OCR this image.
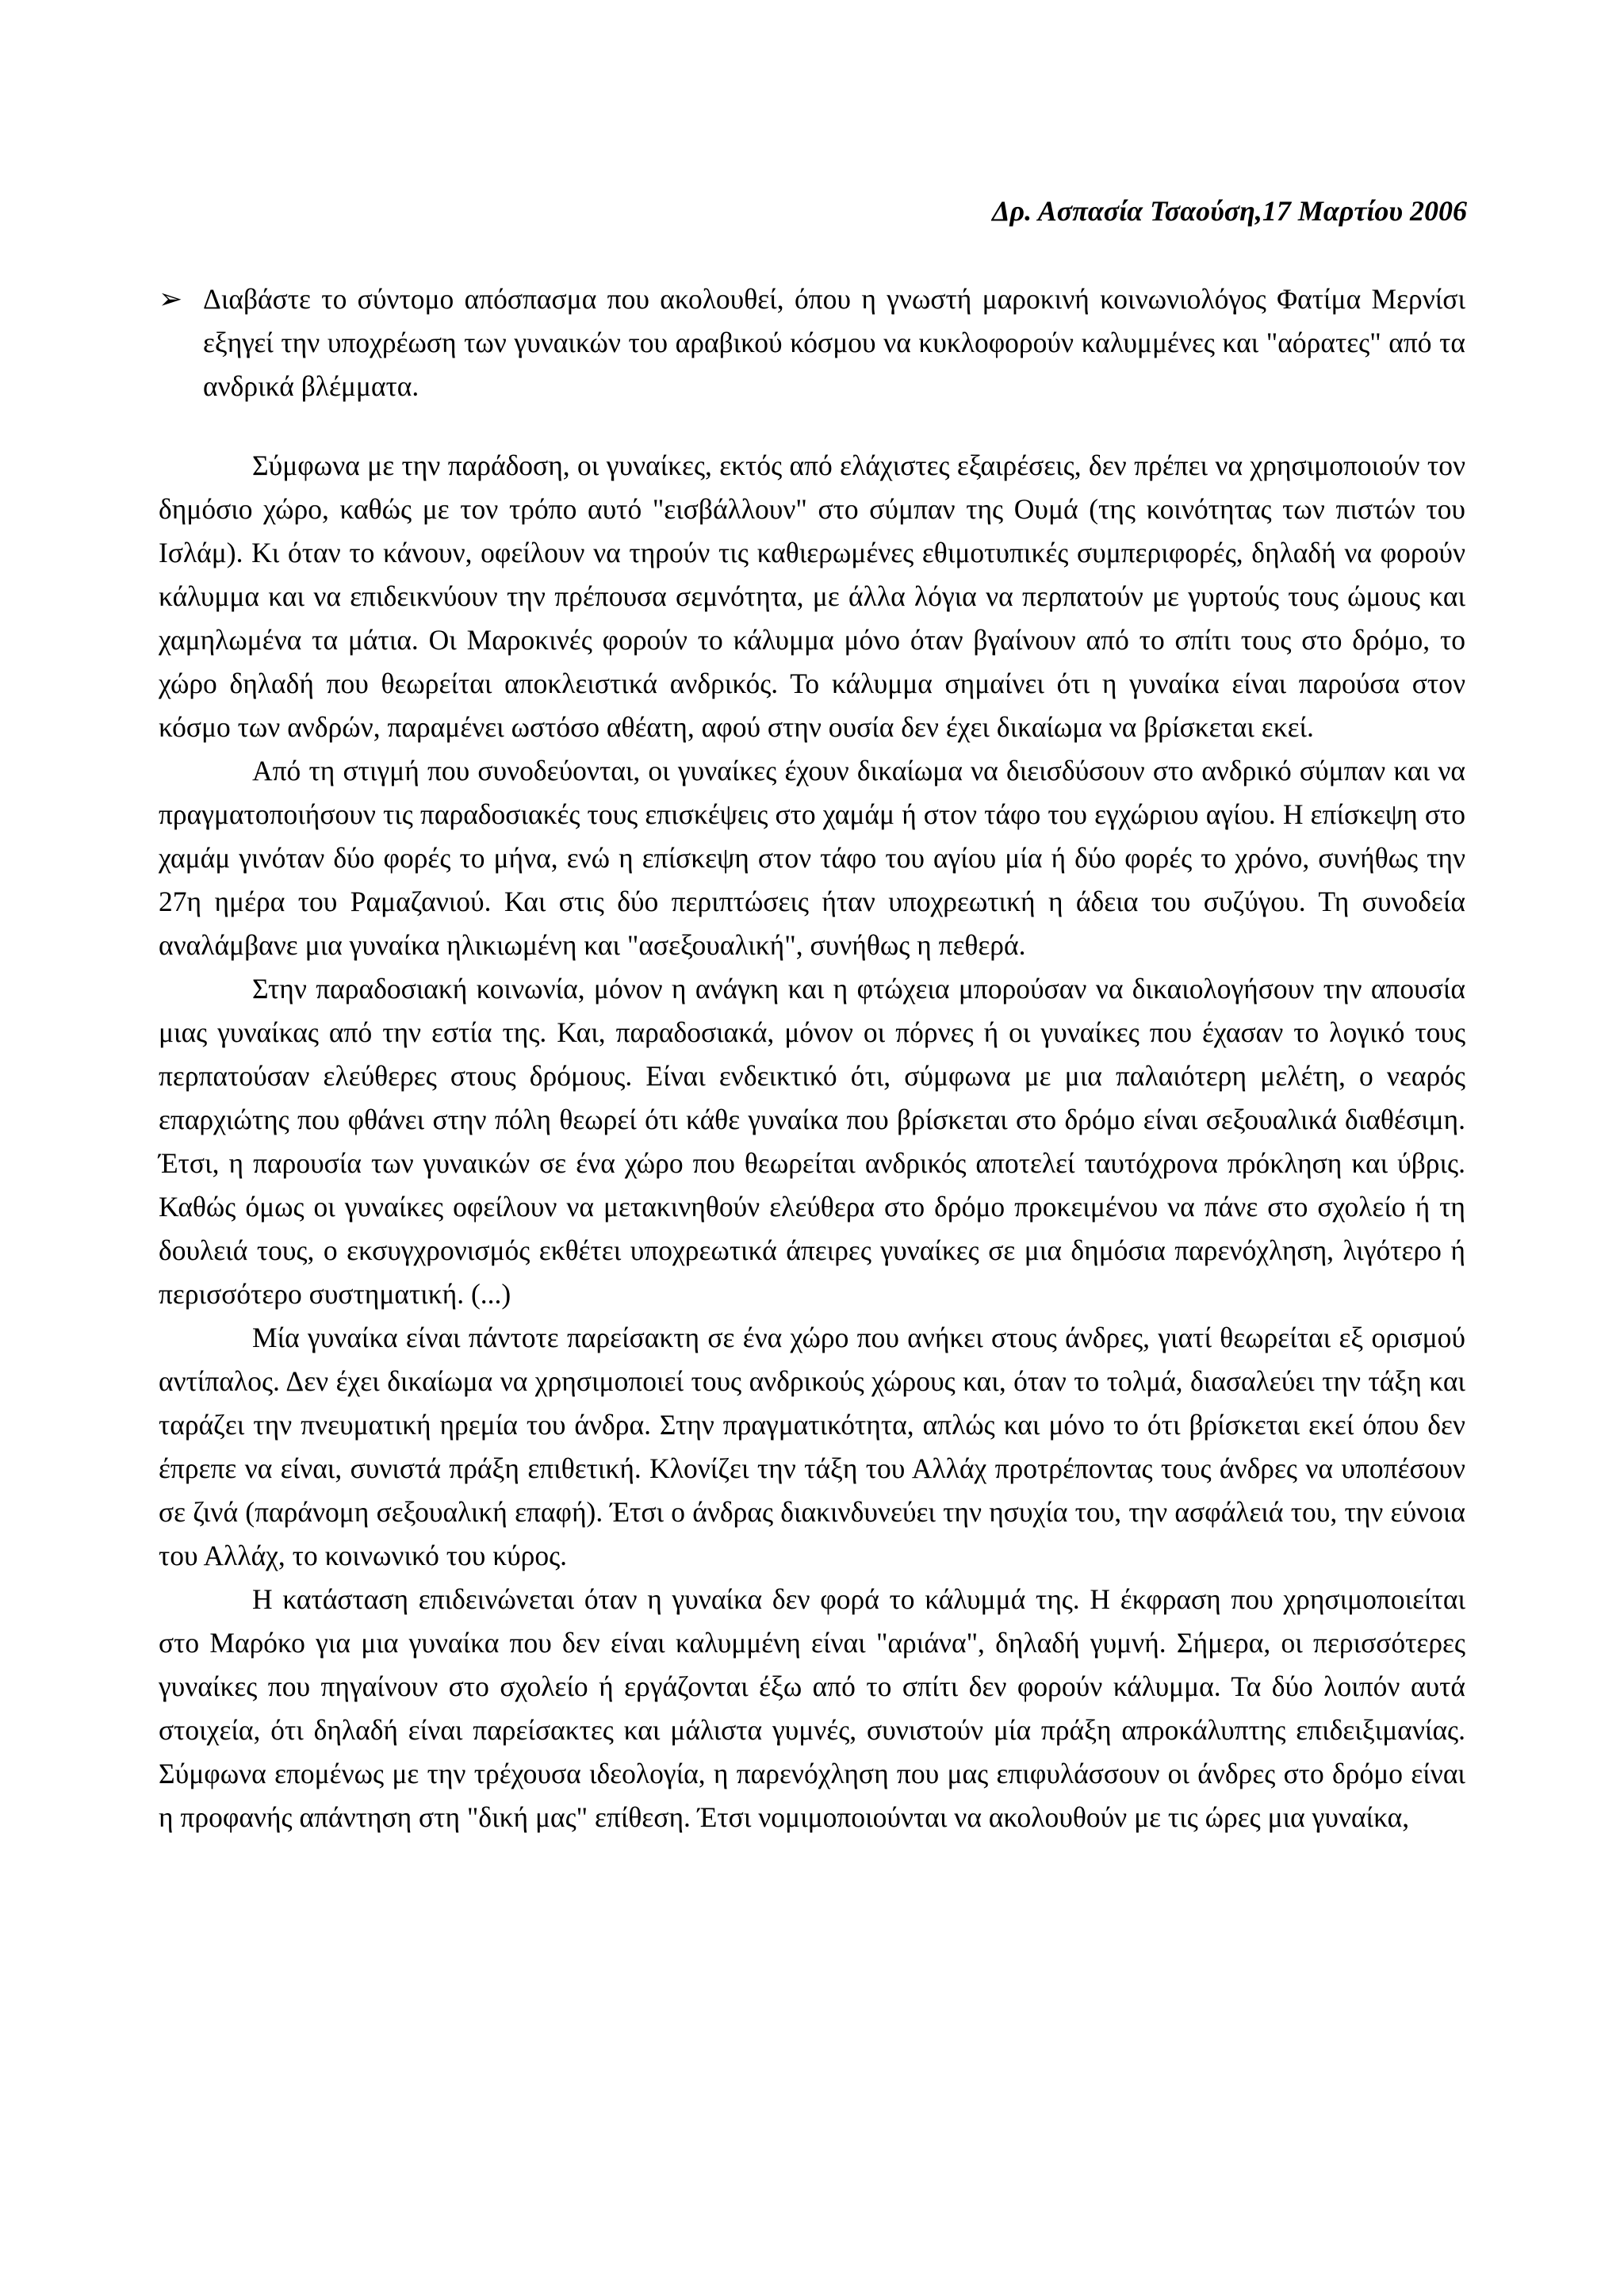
Δρ. Ασπασία Τσαούση,17 Μαρτίου 2006
➢ Διαβάστε το σύντομο απόσπασμα που ακολουθεί, όπου η γνωστή μαροκινή κοινωνιολόγος Φατίμα Μερνίσι εξηγεί την υποχρέωση των γυναικών του αραβικού κόσμου να κυκλοφορούν καλυμμένες και "αόρατες" από τα ανδρικά βλέμματα.

Σύμφωνα με την παράδοση, οι γυναίκες, εκτός από ελάχιστες εξαιρέσεις, δεν πρέπει να χρησιμοποιούν τον δημόσιο χώρο, καθώς με τον τρόπο αυτό "εισβάλλουν" στο σύμπαν της Ουμά (της κοινότητας των πιστών του Ισλάμ). Κι όταν το κάνουν, οφείλουν να τηρούν τις καθιερωμένες εθιμοτυπικές συμπεριφορές, δηλαδή να φορούν κάλυμμα και να επιδεικνύουν την πρέπουσα σεμνότητα, με άλλα λόγια να περπατούν με γυρτούς τους ώμους και χαμηλωμένα τα μάτια. Οι Μαροκινές φορούν το κάλυμμα μόνο όταν βγαίνουν από το σπίτι τους στο δρόμο, το χώρο δηλαδή που θεωρείται αποκλειστικά ανδρικός. Το κάλυμμα σημαίνει ότι η γυναίκα είναι παρούσα στον κόσμο των ανδρών, παραμένει ωστόσο αθέατη, αφού στην ουσία δεν έχει δικαίωμα να βρίσκεται εκεί.

Από τη στιγμή που συνοδεύονται, οι γυναίκες έχουν δικαίωμα να διεισδύσουν στο ανδρικό σύμπαν και να πραγματοποιήσουν τις παραδοσιακές τους επισκέψεις στο χαμάμ ή στον τάφο του εγχώριου αγίου. Η επίσκεψη στο χαμάμ γινόταν δύο φορές το μήνα, ενώ η επίσκεψη στον τάφο του αγίου μία ή δύο φορές το χρόνο, συνήθως την 27η ημέρα του Ραμαζανιού. Και στις δύο περιπτώσεις ήταν υποχρεωτική η άδεια του συζύγου. Τη συνοδεία αναλάμβανε μια γυναίκα ηλικιωμένη και "ασεξουαλική", συνήθως η πεθερά.

Στην παραδοσιακή κοινωνία, μόνον η ανάγκη και η φτώχεια μπορούσαν να δικαιολογήσουν την απουσία μιας γυναίκας από την εστία της. Και, παραδοσιακά, μόνον οι πόρνες ή οι γυναίκες που έχασαν το λογικό τους περπατούσαν ελεύθερες στους δρόμους. Είναι ενδεικτικό ότι, σύμφωνα με μια παλαιότερη μελέτη, ο νεαρός επαρχιώτης που φθάνει στην πόλη θεωρεί ότι κάθε γυναίκα που βρίσκεται στο δρόμο είναι σεξουαλικά διαθέσιμη. Έτσι, η παρουσία των γυναικών σε ένα χώρο που θεωρείται ανδρικός αποτελεί ταυτόχρονα πρόκληση και ύβρις. Καθώς όμως οι γυναίκες οφείλουν να μετακινηθούν ελεύθερα στο δρόμο προκειμένου να πάνε στο σχολείο ή τη δουλειά τους, ο εκσυγχρονισμός εκθέτει υποχρεωτικά άπειρες γυναίκες σε μια δημόσια παρενόχληση, λιγότερο ή περισσότερο συστηματική. (...)

Μία γυναίκα είναι πάντοτε παρείσακτη σε ένα χώρο που ανήκει στους άνδρες, γιατί θεωρείται εξ ορισμού αντίπαλος. Δεν έχει δικαίωμα να χρησιμοποιεί τους ανδρικούς χώρους και, όταν το τολμά, διασαλεύει την τάξη και ταράζει την πνευματική ηρεμία του άνδρα. Στην πραγματικότητα, απλώς και μόνο το ότι βρίσκεται εκεί όπου δεν έπρεπε να είναι, συνιστά πράξη επιθετική. Κλονίζει την τάξη του Αλλάχ προτρέποντας τους άνδρες να υποπέσουν σε ζινά (παράνομη σεξουαλική επαφή). Έτσι ο άνδρας διακινδυνεύει την ησυχία του, την ασφάλειά του, την εύνοια του Αλλάχ, το κοινωνικό του κύρος.

Η κατάσταση επιδεινώνεται όταν η γυναίκα δεν φορά το κάλυμμά της. Η έκφραση που χρησιμοποιείται στο Μαρόκο για μια γυναίκα που δεν είναι καλυμμένη είναι "αριάνα", δηλαδή γυμνή. Σήμερα, οι περισσότερες γυναίκες που πηγαίνουν στο σχολείο ή εργάζονται έξω από το σπίτι δεν φορούν κάλυμμα. Τα δύο λοιπόν αυτά στοιχεία, ότι δηλαδή είναι παρείσακτες και μάλιστα γυμνές, συνιστούν μία πράξη απροκάλυπτης επιδειξιμανίας. Σύμφωνα επομένως με την τρέχουσα ιδεολογία, η παρενόχληση που μας επιφυλάσσουν οι άνδρες στο δρόμο είναι η προφανής απάντηση στη "δική μας" επίθεση. Έτσι νομιμοποιούνται να ακολουθούν με τις ώρες μια γυναίκα,
